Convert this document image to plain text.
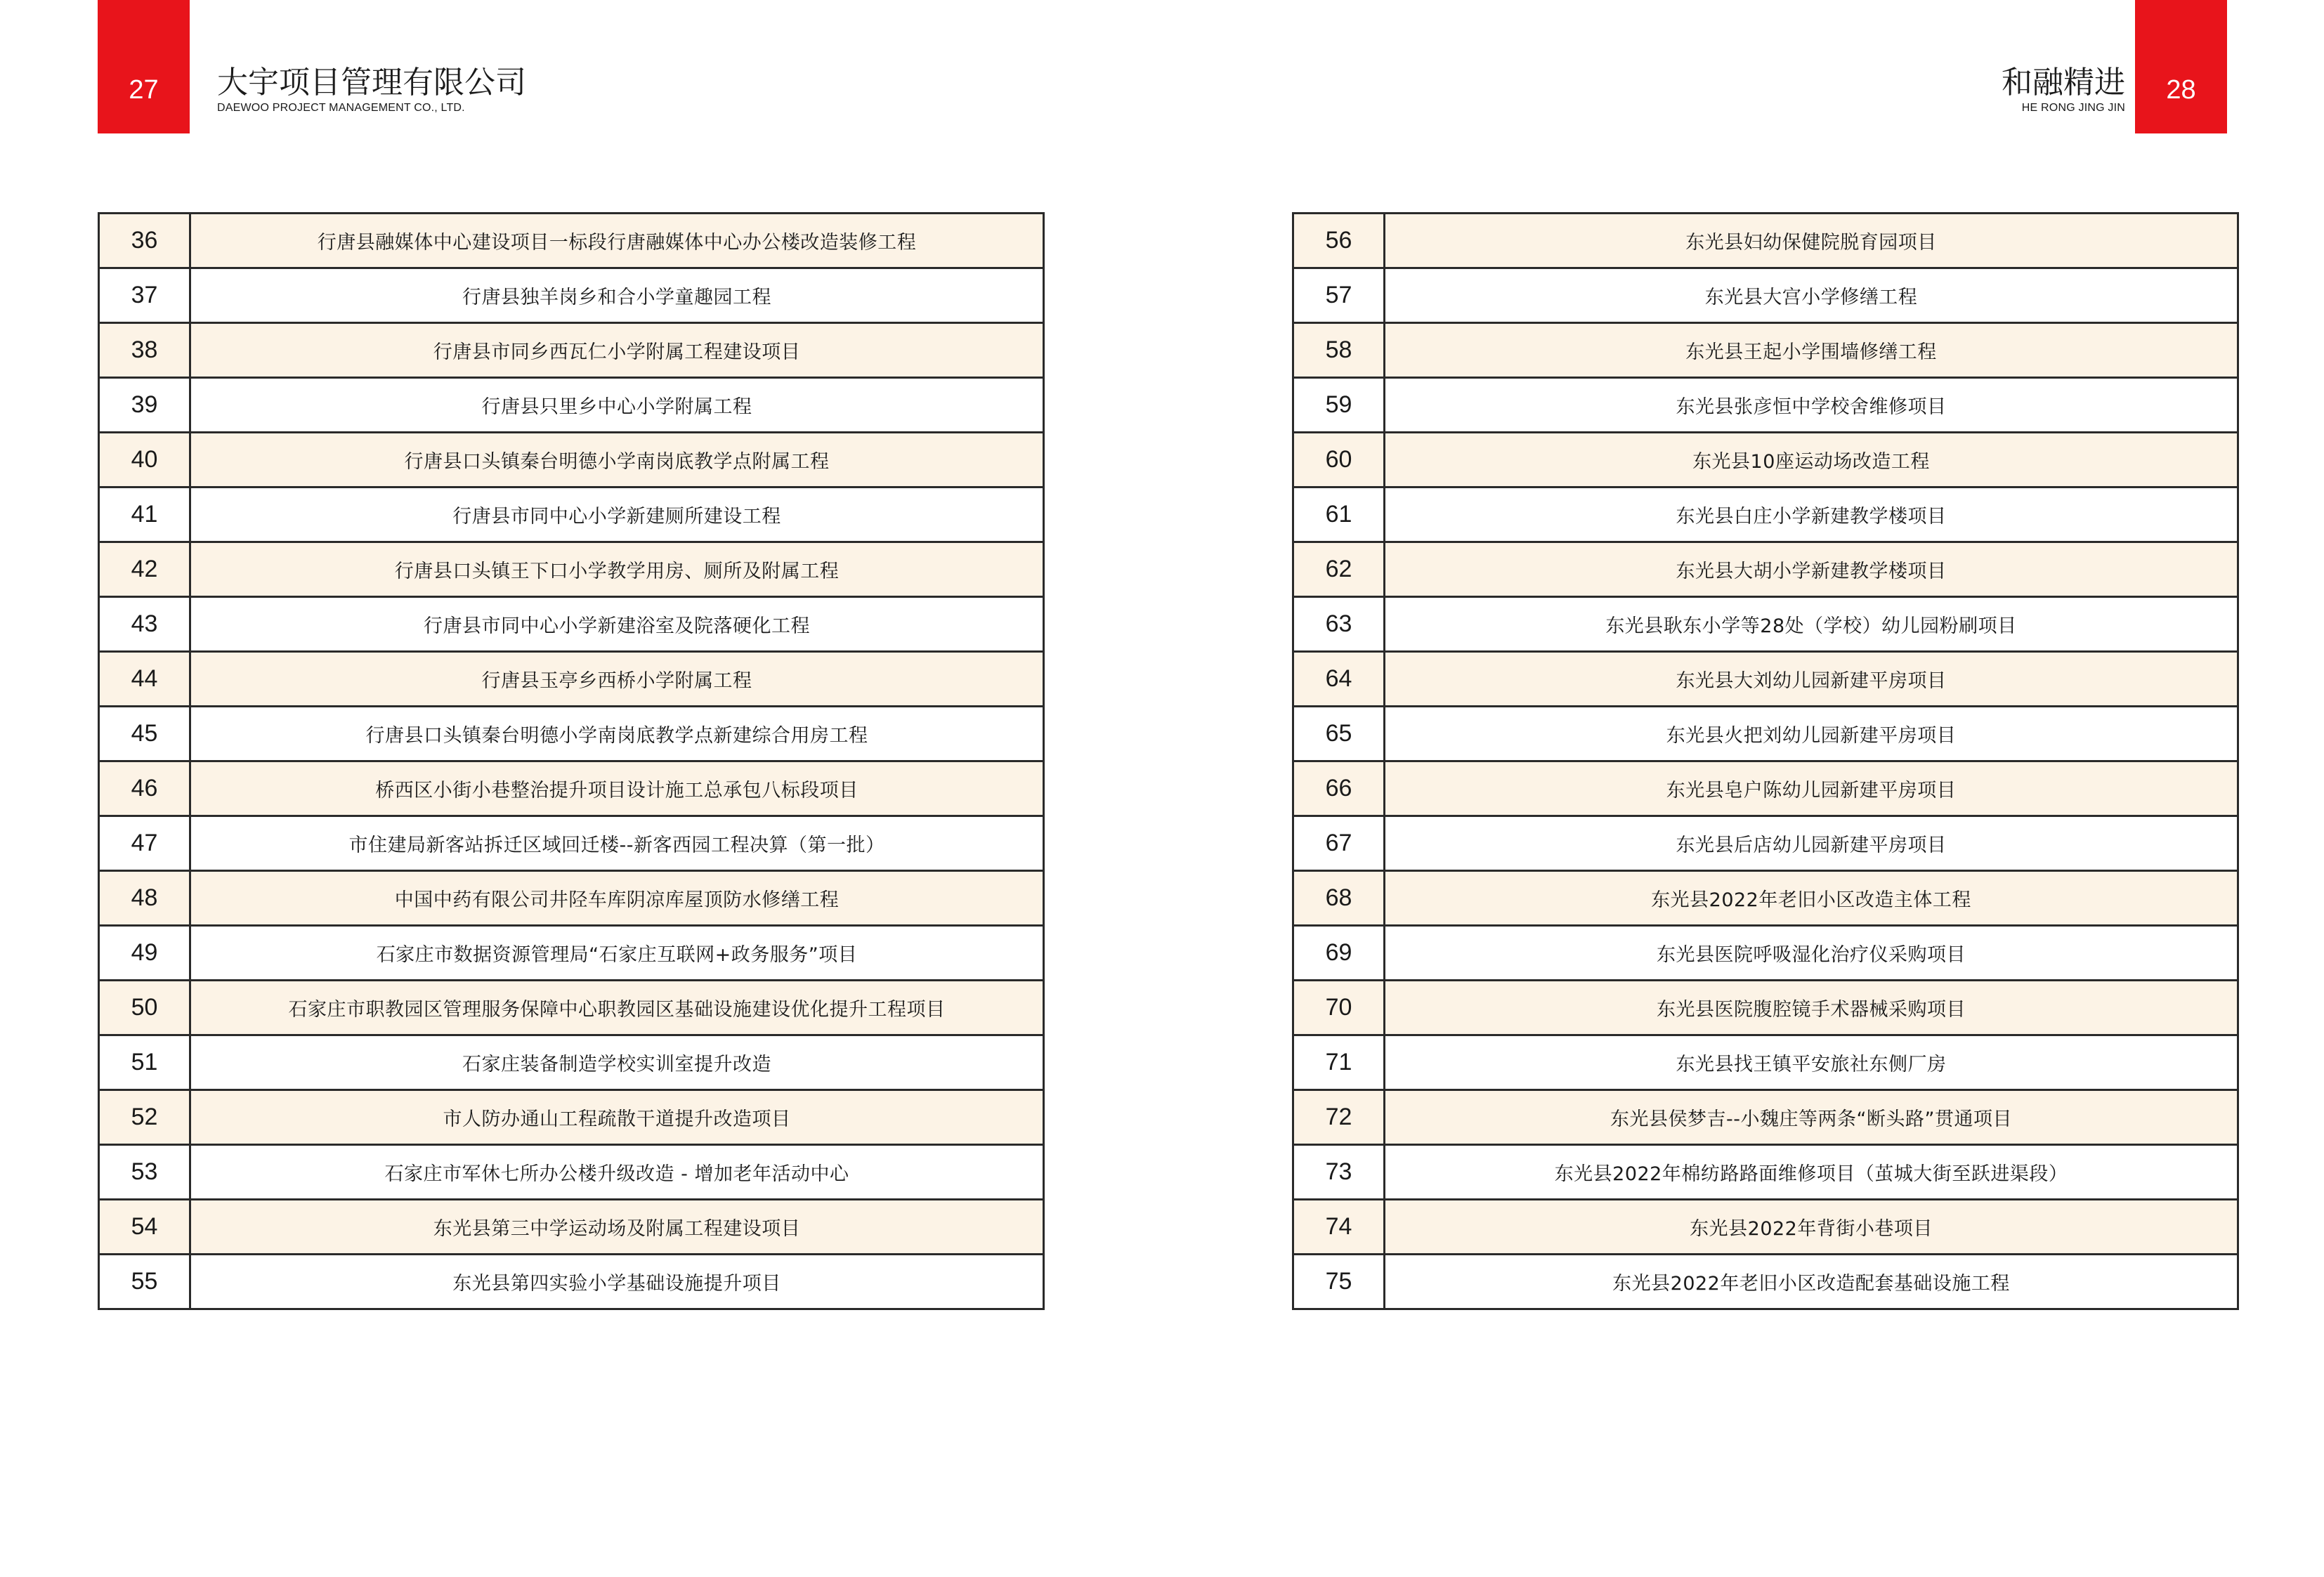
27 大宇项目管理有限公司
DAEWOO PROJECT MANAGEMENT CO., LTD.
和融精进
HE RONG JING JIN
28
36	行唐县融媒体中心建设项目一标段行唐融媒体中心办公楼改造装修工程
37	行唐县独羊岗乡和合小学童趣园工程
38	行唐县市同乡西瓦仁小学附属工程建设项目
39	行唐县只里乡中心小学附属工程
40	行唐县口头镇秦台明德小学南岗底教学点附属工程
41	行唐县市同中心小学新建厕所建设工程
42	行唐县口头镇王下口小学教学用房、厕所及附属工程
43	行唐县市同中心小学新建浴室及院落硬化工程
44	行唐县玉亭乡西桥小学附属工程
45	行唐县口头镇秦台明德小学南岗底教学点新建综合用房工程
46	桥西区小街小巷整治提升项目设计施工总承包八标段项目
47	市住建局新客站拆迁区域回迁楼--新客西园工程决算（第一批）
48	中国中药有限公司井陉车库阴凉库屋顶防水修缮工程
49	石家庄市数据资源管理局“石家庄互联网+政务服务”项目
50	石家庄市职教园区管理服务保障中心职教园区基础设施建设优化提升工程项目
51	石家庄装备制造学校实训室提升改造
52	市人防办通山工程疏散干道提升改造项目
53	石家庄市军休七所办公楼升级改造 - 增加老年活动中心
54	东光县第三中学运动场及附属工程建设项目
55	东光县第四实验小学基础设施提升项目
56	东光县妇幼保健院脱育园项目
57	东光县大宫小学修缮工程
58	东光县王起小学围墙修缮工程
59	东光县张彦恒中学校舍维修项目
60	东光县10座运动场改造工程
61	东光县白庄小学新建教学楼项目
62	东光县大胡小学新建教学楼项目
63	东光县耿东小学等28处（学校）幼儿园粉刷项目
64	东光县大刘幼儿园新建平房项目
65	东光县火把刘幼儿园新建平房项目
66	东光县皂户陈幼儿园新建平房项目
67	东光县后店幼儿园新建平房项目
68	东光县2022年老旧小区改造主体工程
69	东光县医院呼吸湿化治疗仪采购项目
70	东光县医院腹腔镜手术器械采购项目
71	东光县找王镇平安旅社东侧厂房
72	东光县侯梦吉--小魏庄等两条“断头路”贯通项目
73	东光县2022年棉纺路路面维修项目（茧城大街至跃进渠段）
74	东光县2022年背街小巷项目
75	东光县2022年老旧小区改造配套基础设施工程
